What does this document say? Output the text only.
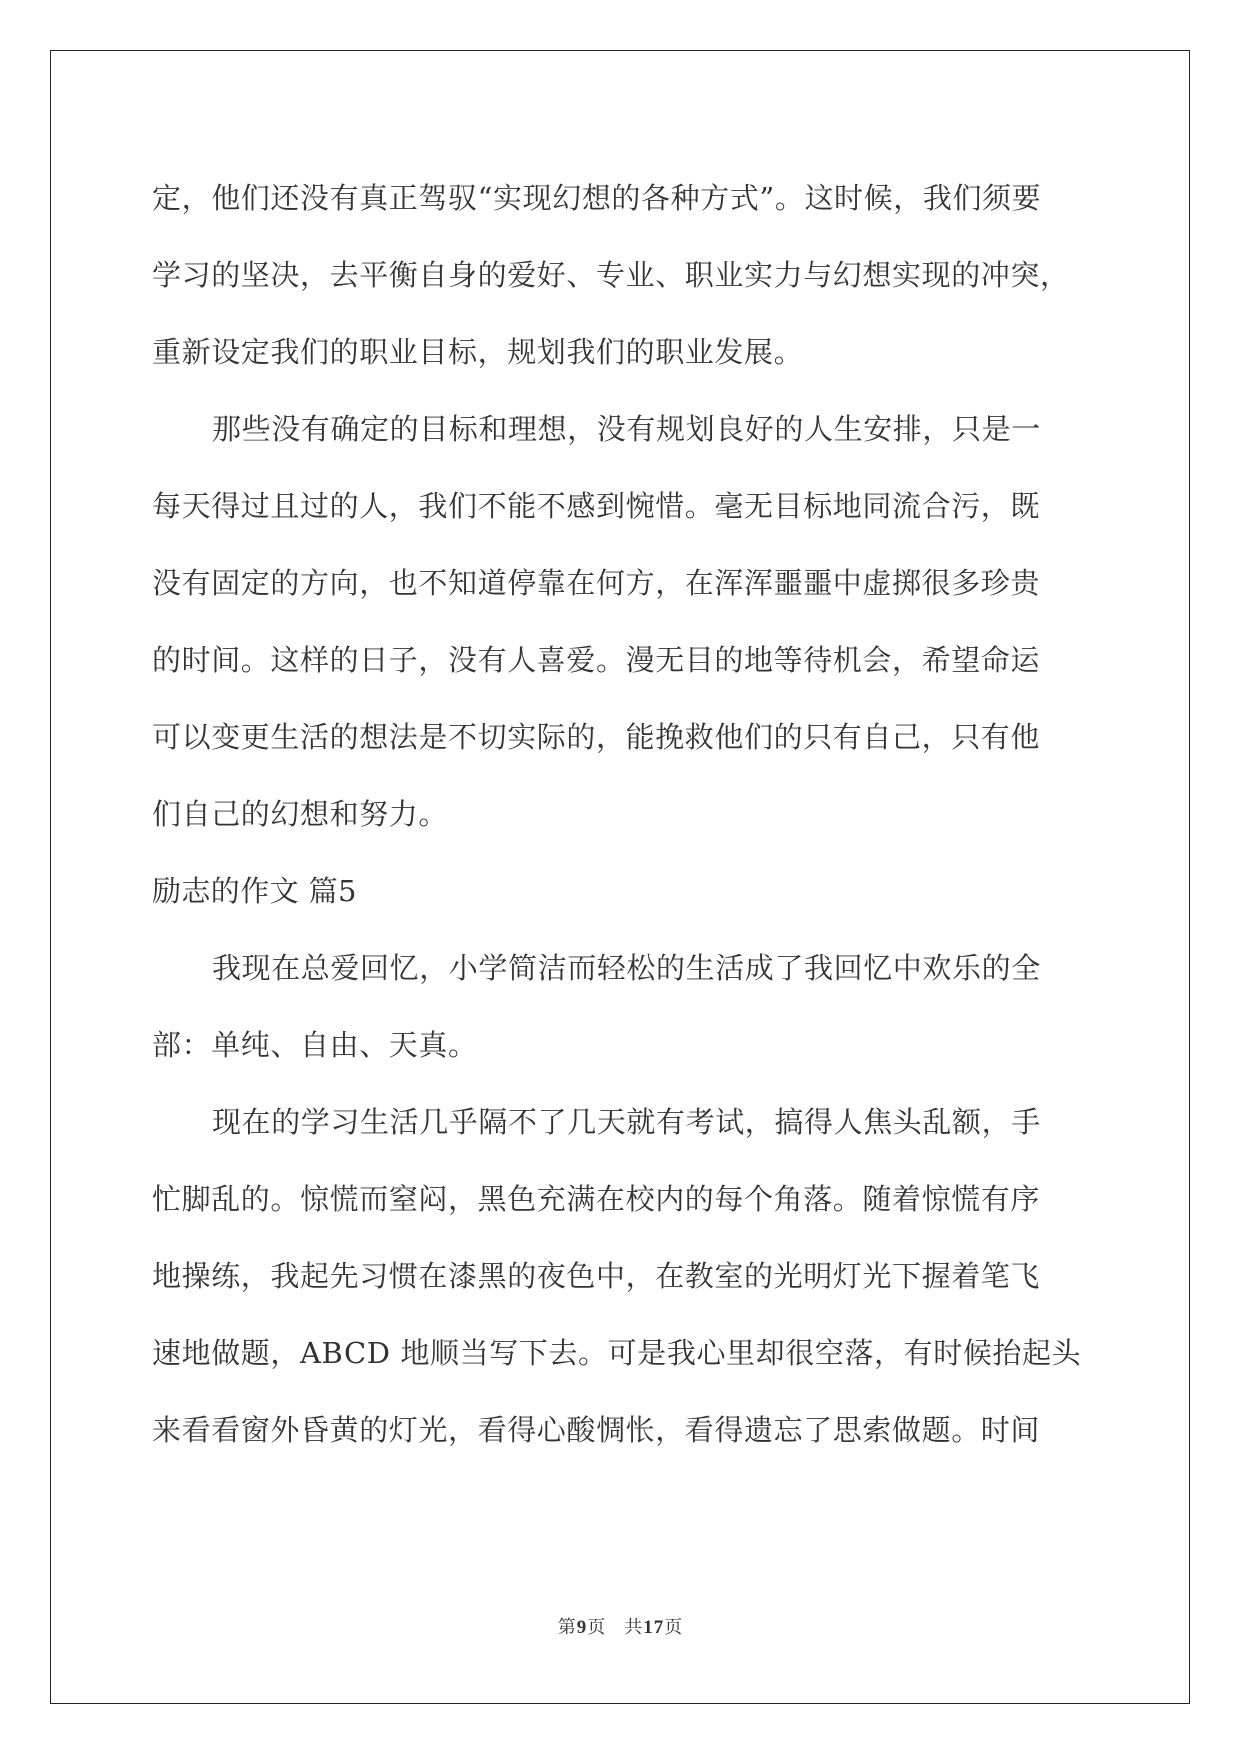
定，他们还没有真正驾驭“实现幻想的各种方式”。这时候，我们须要
学习的坚决，去平衡自身的爱好、专业、职业实力与幻想实现的冲突，
重新设定我们的职业目标，规划我们的职业发展。
那些没有确定的目标和理想，没有规划良好的人生安排，只是一
每天得过且过的人，我们不能不感到惋惜。毫无目标地同流合污，既
没有固定的方向，也不知道停靠在何方，在浑浑噩噩中虚掷很多珍贵
的时间。这样的日子，没有人喜爱。漫无目的地等待机会，希望命运
可以变更生活的想法是不切实际的，能挽救他们的只有自己，只有他
们自己的幻想和努力。
励志的作文 篇5
我现在总爱回忆，小学简洁而轻松的生活成了我回忆中欢乐的全
部：单纯、自由、天真。
现在的学习生活几乎隔不了几天就有考试，搞得人焦头乱额，手
忙脚乱的。惊慌而窒闷，黑色充满在校内的每个角落。随着惊慌有序
地操练，我起先习惯在漆黑的夜色中，在教室的光明灯光下握着笔飞
速地做题，ABCD 地顺当写下去。可是我心里却很空落，有时候抬起头
来看看窗外昏黄的灯光，看得心酸惆怅，看得遗忘了思索做题。时间
第9页 共17页
